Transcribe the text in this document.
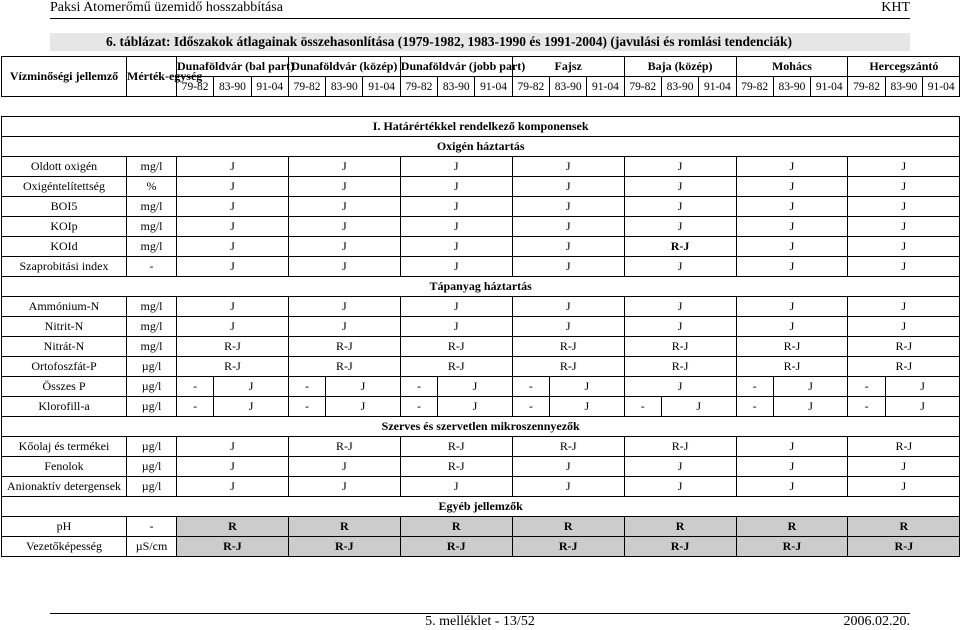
Paksi Atomerőmű üzemidő hosszabbítása	KHT
6. táblázat: Időszakok átlagainak összehasonlítása (1979-1982, 1983-1990 és 1991-2004) (javulási és romlási tendenciák)
Vízminőségi jellemző	Mérték-egység	Dunaföldvár (bal part)			Dunaföldvár (közép)			Dunaföldvár (jobb part)			Fajsz			Baja (közép)			Mohács			Hercegszántó		
		79-82	83-90	91-04	79-82	83-90	91-04	79-82	83-90	91-04	79-82	83-90	91-04	79-82	83-90	91-04	79-82	83-90	91-04	79-82	83-90	91-04

I. Határértékkel rendelkező komponensek																						
Oxigén háztartás																						
Oldott oxigén	mg/l	J			J			J			J			J			J			J		
Oxigéntelítettség	%	J			J			J			J			J			J			J		
BOI5	mg/l	J			J			J			J			J			J			J		
KOIp	mg/l	J			J			J			J			J			J			J		
KOId	mg/l	J			J			J			J			R-J			J			J		
Szaprobitási index	-	J			J			J			J			J			J			J		
Tápanyag háztartás																						
Ammónium-N	mg/l	J			J			J			J			J			J			J		
Nitrit-N	mg/l	J			J			J			J			J			J			J		
Nitrát-N	mg/l	R-J			R-J			R-J			R-J			R-J			R-J			R-J		
Ortofoszfát-P	µg/l	R-J			R-J			R-J			R-J			R-J			R-J			R-J		
Összes P	µg/l	-	J		-	J		-	J		-	J		J			-	J		-	J	
Klorofill-a	µg/l	-	J		-	J		-	J		-	J		-	J		-	J		-	J	
Szerves és szervetlen mikroszennyezők																						
Kőolaj és termékei	µg/l	J			R-J			R-J			R-J			R-J			J			R-J		
Fenolok	µg/l	J			J			R-J			J			J			J			J		
Anionaktív detergensek	µg/l	J			J			J			J			J			J			J		
Egyéb jellemzők																						
pH	-	R			R			R			R			R			R			R		
Vezetőképesség	µS/cm	R-J			R-J			R-J			R-J			R-J			R-J			R-J		
5. melléklet - 13/52	2006.02.20.
